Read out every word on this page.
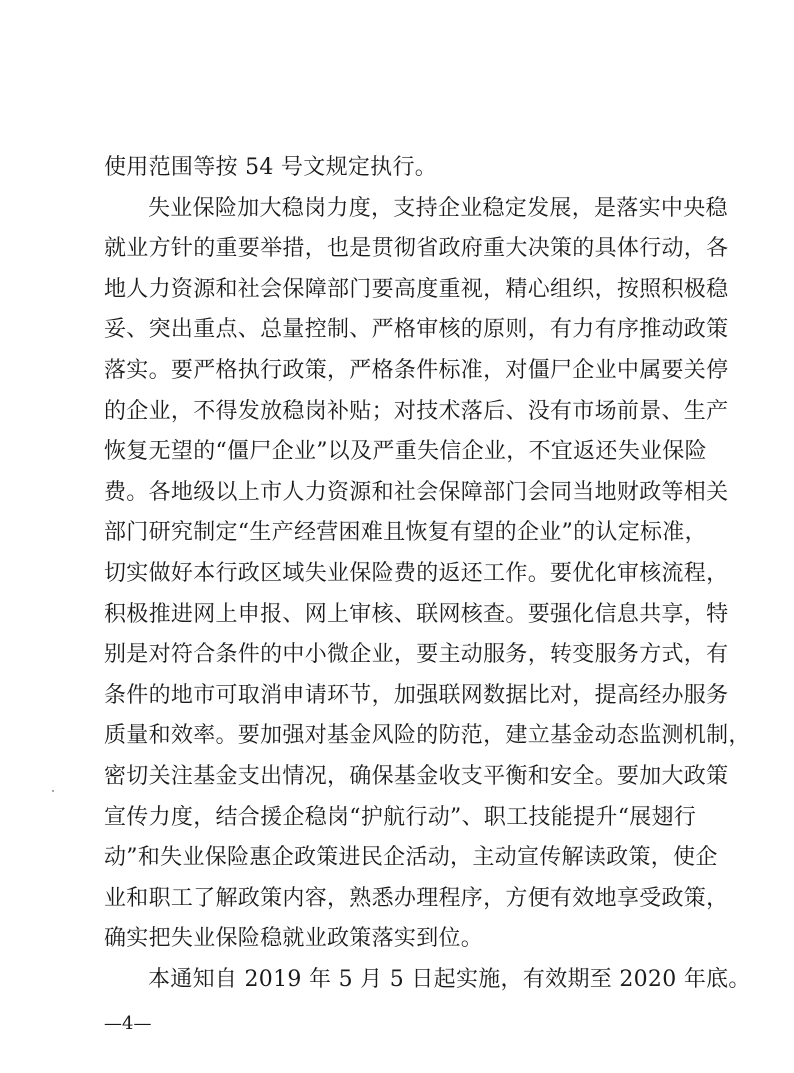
使用范围等按 54 号文规定执行。
失业保险加大稳岗力度，支持企业稳定发展，是落实中央稳
就业方针的重要举措，也是贯彻省政府重大决策的具体行动，各
地人力资源和社会保障部门要高度重视，精心组织，按照积极稳
妥、突出重点、总量控制、严格审核的原则，有力有序推动政策
落实。要严格执行政策，严格条件标准，对僵尸企业中属要关停
的企业，不得发放稳岗补贴；对技术落后、没有市场前景、生产
恢复无望的“僵尸企业”以及严重失信企业，不宜返还失业保险
费。各地级以上市人力资源和社会保障部门会同当地财政等相关
部门研究制定“生产经营困难且恢复有望的企业”的认定标准，
切实做好本行政区域失业保险费的返还工作。要优化审核流程，
积极推进网上申报、网上审核、联网核查。要强化信息共享，特
别是对符合条件的中小微企业，要主动服务，转变服务方式，有
条件的地市可取消申请环节，加强联网数据比对，提高经办服务
质量和效率。要加强对基金风险的防范，建立基金动态监测机制，
密切关注基金支出情况，确保基金收支平衡和安全。要加大政策
宣传力度，结合援企稳岗“护航行动”、职工技能提升“展翅行
动”和失业保险惠企政策进民企活动，主动宣传解读政策，使企
业和职工了解政策内容，熟悉办理程序，方便有效地享受政策，
确实把失业保险稳就业政策落实到位。
本通知自 2019 年 5 月 5 日起实施，有效期至 2020 年底。
—4—
